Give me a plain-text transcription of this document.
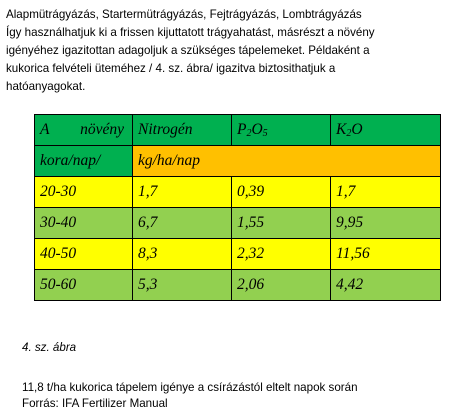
Alapmütrágyázás, Startermütrágyázás, Fejtrágyázás, Lombtrágyázás

Így használhatjuk ki a frissen kijuttatott trágyahatást, másrészt a növény

igényéhez igazitottan adagoljuk a szükséges tápelemeket. Példaként a

kukorica felvételi üteméhez / 4. sz. ábra/ igazitva biztosithatjuk a

hatóanyagokat.

A növény	Nitrogén	$P_2O_5$	$K_2O$
kora/nap/	kg/ha/nap		
20-30	1,7	0,39	1,7
30-40	6,7	1,55	9,95
40-50	8,3	2,32	11,56
50-60	5,3	2,06	4,42
4. sz. ábra

11,8 t/ha kukorica tápelem igénye a csírázástól eltelt napok során

Forrás: IFA Fertilizer Manual
